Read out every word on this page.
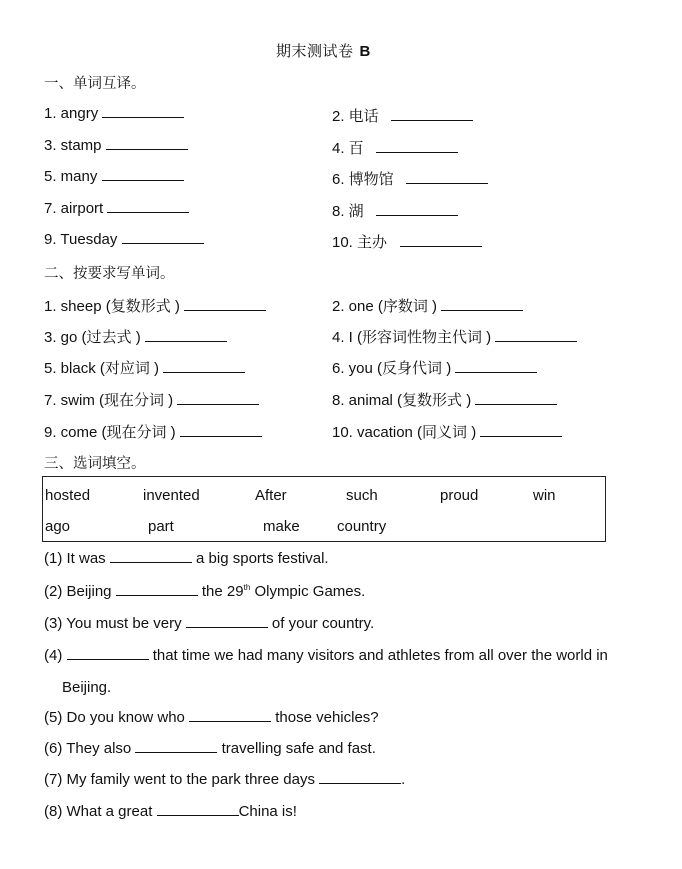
期末测试卷 B
一、单词互译。
1. angry	2. 电话
3. stamp	4. 百
5. many	6. 博物馆
7. airport	8. 湖
9. Tuesday	10. 主办
二、按要求写单词。
1. sheep (复数形式 )	2. one (序数词 )
3. go (过去式 )	4. I (形容词性物主代词 )
5. black (对应词 )	6. you (反身代词 )
7. swim (现在分词 )	8. animal (复数形式 )
9. come (现在分词 )	10. vacation (同义词 )
三、选词填空。
hosted	invented	After	such	proud	win
ago	part	make country
(1) It was	a big sports festival.
(2) Beijing	the 29th Olympic Games.
(3) You must be very	of your country.
(4)	that time we had many visitors and athletes from all over the world in
Beijing.
(5) Do you know who	those vehicles?
(6) They also	travelling safe and fast.
(7) My family went to the park three days	.
(8) What a great	China is!
